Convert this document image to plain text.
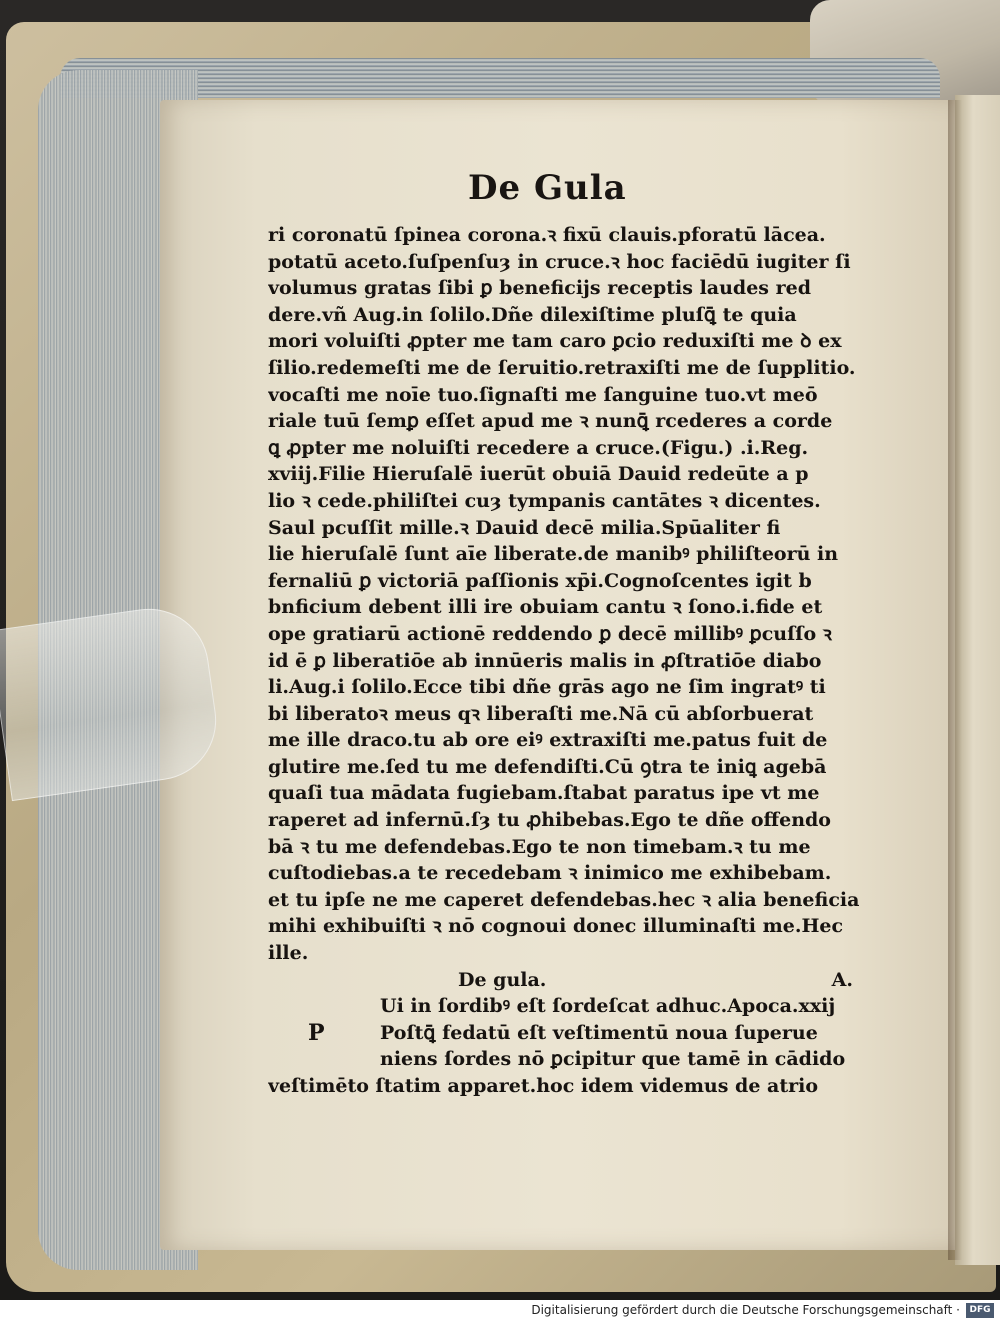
De Gula
ri coronatū ſpinea corona.ꝛ fixū clauis.pforatū lācea.
potatū aceto.ſuſpenſuȝ in cruce.ꝛ hoc faciēdū iugiter ſi
volumus gratas ſibi ꝑ beneficijs receptis laudes red
dere.vñ Aug.in ſolilo.Dñe dilexiſtime pluſꝗ̄ te quia
mori voluiſti ꝓpter me tam caro ꝑcio reduxiſti me ꝺ ex
ſilio.redemeſti me de ſeruitio.retraxiſti me de ſupplitio.
vocaſti me noīe tuo.ſignaſti me ſanguine tuo.vt meō
riale tuū ſemꝑ eſſet apud me ꝛ nunꝗ̄ rcederes a corde
ꝗ ꝓpter me noluiſti recedere a cruce.(Figu.) .i.Reg.
xviij.Filie Hieruſalē iuerūt obuiā Dauid redeūte a p
lio ꝛ cede.philiſtei cuȝ tympanis cantātes ꝛ dicentes.
Saul pcuſſit mille.ꝛ Dauid decē milia.Spūaliter fi
lie hieruſalē ſunt aīe liberate.de manibꝰ philiſteorū in
fernaliū ꝑ victoriā paſſionis xp̄i.Cognoſcentes igit b
bnficium debent illi ire obuiam cantu ꝛ ſono.i.fide et
ope gratiarū actionē reddendo ꝑ decē millibꝰ ꝑcuſſo ꝛ
id ē ꝑ liberatiōe ab innūeris malis in ꝓſtratiōe diabo
li.Aug.i ſolilo.Ecce tibi dñe grās ago ne ſim ingratꝰ ti
bi liberatoꝛ meus qꝛ liberaſti me.Nā cū abſorbuerat
me ille draco.tu ab ore eiꝰ extraxiſti me.patus fuit de
glutire me.ſed tu me defendiſti.Cū ꝯtra te iniꝗ agebā
quaſi tua mādata fugiebam.ſtabat paratus ipe vt me
raperet ad infernū.ſȝ tu ꝓhibebas.Ego te dñe offendo
bā ꝛ tu me defendebas.Ego te non timebam.ꝛ tu me
cuſtodiebas.a te recedebam ꝛ inimico me exhibebam.
et tu ipſe ne me caperet defendebas.hec ꝛ alia beneficia
mihi exhibuiſti ꝛ nō cognoui donec illuminaſti me.Hec
ille.
De gula.	A.
Ui in ſordibꝰ eſt ſordeſcat adhuc.Apoca.xxij
P	Poſtꝗ̄ fedatū eſt veſtimentū noua ſuperue
niens ſordes nō ꝑcipitur que tamē in cādido
veſtimēto ſtatim apparet.hoc idem videmus de atrio
Digitalisierung gefördert durch die Deutsche Forschungsgemeinschaft ·	DFG
